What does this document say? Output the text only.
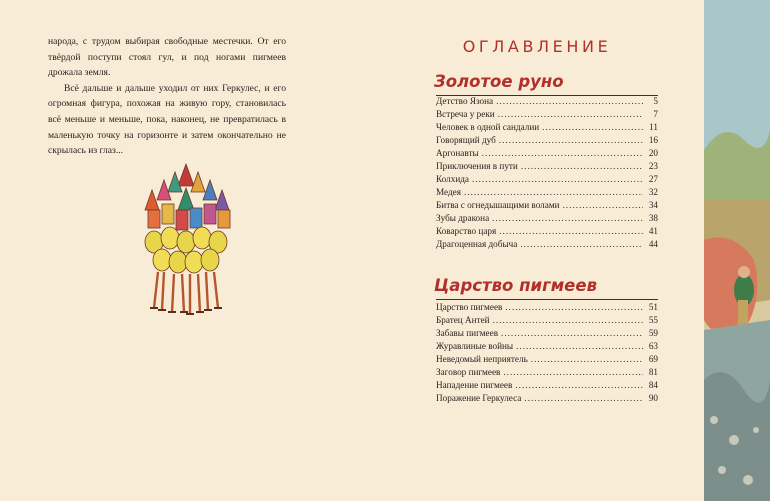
народа, с трудом выбирая свободные местечки. От его твёрдой поступи стоял гул, и под ногами пигмеев дрожала земля.

Всё дальше и дальше уходил от них Геркулес, и его огромная фигура, похожая на живую гору, становилась всё меньше и меньше, пока, наконец, не превратилась в маленькую точку на горизонте и затем окончательно не скрылась из глаз...

ОГЛАВЛЕНИЕ
Золотое руно
Детство Язона .....	5
Встреча у реки .....	7
Человек в одной сандалии .....	11
Говорящий дуб .....	16
Аргонавты .....	20
Приключения в пути .....	23
Колхида .....	27
Медея .....	32
Битва с огнедышащими волами .....	34
Зубы дракона .....	38
Коварство царя .....	41
Драгоценная добыча .....	44
Царство пигмеев
Царство пигмеев .....	51
Братец Антей .....	55
Забавы пигмеев .....	59
Журавлиные войны .....	63
Неведомый неприятель .....	69
Заговор пигмеев .....	81
Нападение пигмеев .....	84
Поражение Геркулеса .....	90
